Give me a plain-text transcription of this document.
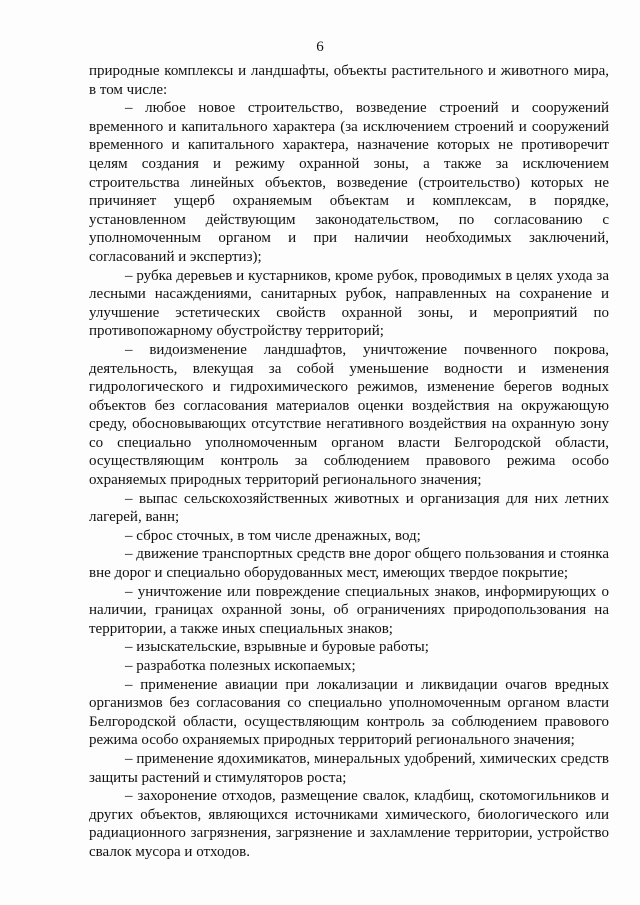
6

природные комплексы и ландшафты, объекты растительного и животного мира, в том числе:

– любое новое строительство, возведение строений и сооружений временного и капитального характера (за исключением строений и сооружений временного и капитального характера, назначение которых не противоречит целям создания и режиму охранной зоны, а также за исключением строительства линейных объектов, возведение (строительство) которых не причиняет ущерб охраняемым объектам и комплексам, в порядке, установленном действующим законодательством, по согласованию с уполномоченным органом и при наличии необходимых заключений, согласований и экспертиз);

– рубка деревьев и кустарников, кроме рубок, проводимых в целях ухода за лесными насаждениями, санитарных рубок, направленных на сохранение и улучшение эстетических свойств охранной зоны, и мероприятий по противопожарному обустройству территорий;

– видоизменение ландшафтов, уничтожение почвенного покрова, деятельность, влекущая за собой уменьшение водности и изменения гидрологического и гидрохимического режимов, изменение берегов водных объектов без согласования материалов оценки воздействия на окружающую среду, обосновывающих отсутствие негативного воздействия на охранную зону со специально уполномоченным органом власти Белгородской области, осуществляющим контроль за соблюдением правового режима особо охраняемых природных территорий регионального значения;

– выпас сельскохозяйственных животных и организация для них летних лагерей, ванн;

– сброс сточных, в том числе дренажных, вод;

– движение транспортных средств вне дорог общего пользования и стоянка вне дорог и специально оборудованных мест, имеющих твердое покрытие;

– уничтожение или повреждение специальных знаков, информирующих о наличии, границах охранной зоны, об ограничениях природопользования на территории, а также иных специальных знаков;

– изыскательские, взрывные и буровые работы;

– разработка полезных ископаемых;

– применение авиации при локализации и ликвидации очагов вредных организмов без согласования со специально уполномоченным органом власти Белгородской области, осуществляющим контроль за соблюдением правового режима особо охраняемых природных территорий регионального значения;

– применение ядохимикатов, минеральных удобрений, химических средств защиты растений и стимуляторов роста;

– захоронение отходов, размещение свалок, кладбищ, скотомогильников и других объектов, являющихся источниками химического, биологического или радиационного загрязнения, загрязнение и захламление территории, устройство свалок мусора и отходов.
